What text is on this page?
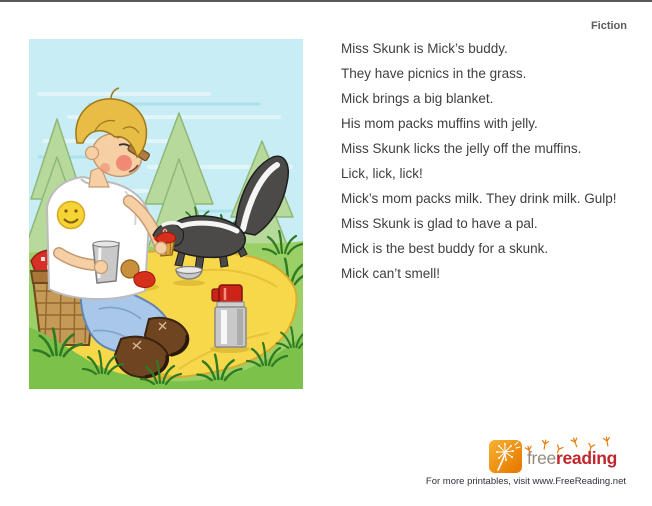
Fiction

Miss Skunk is Mick’s buddy.

They have picnics in the grass.

Mick brings a big blanket.

His mom packs muffins with jelly.

Miss Skunk licks the jelly off the muffins.

Lick, lick, lick!

Mick’s mom packs milk. They drink milk. Gulp!

Miss Skunk is glad to have a pal.

Mick is the best buddy for a skunk.

Mick can’t smell!

freereading
For more printables, visit www.FreeReading.net
